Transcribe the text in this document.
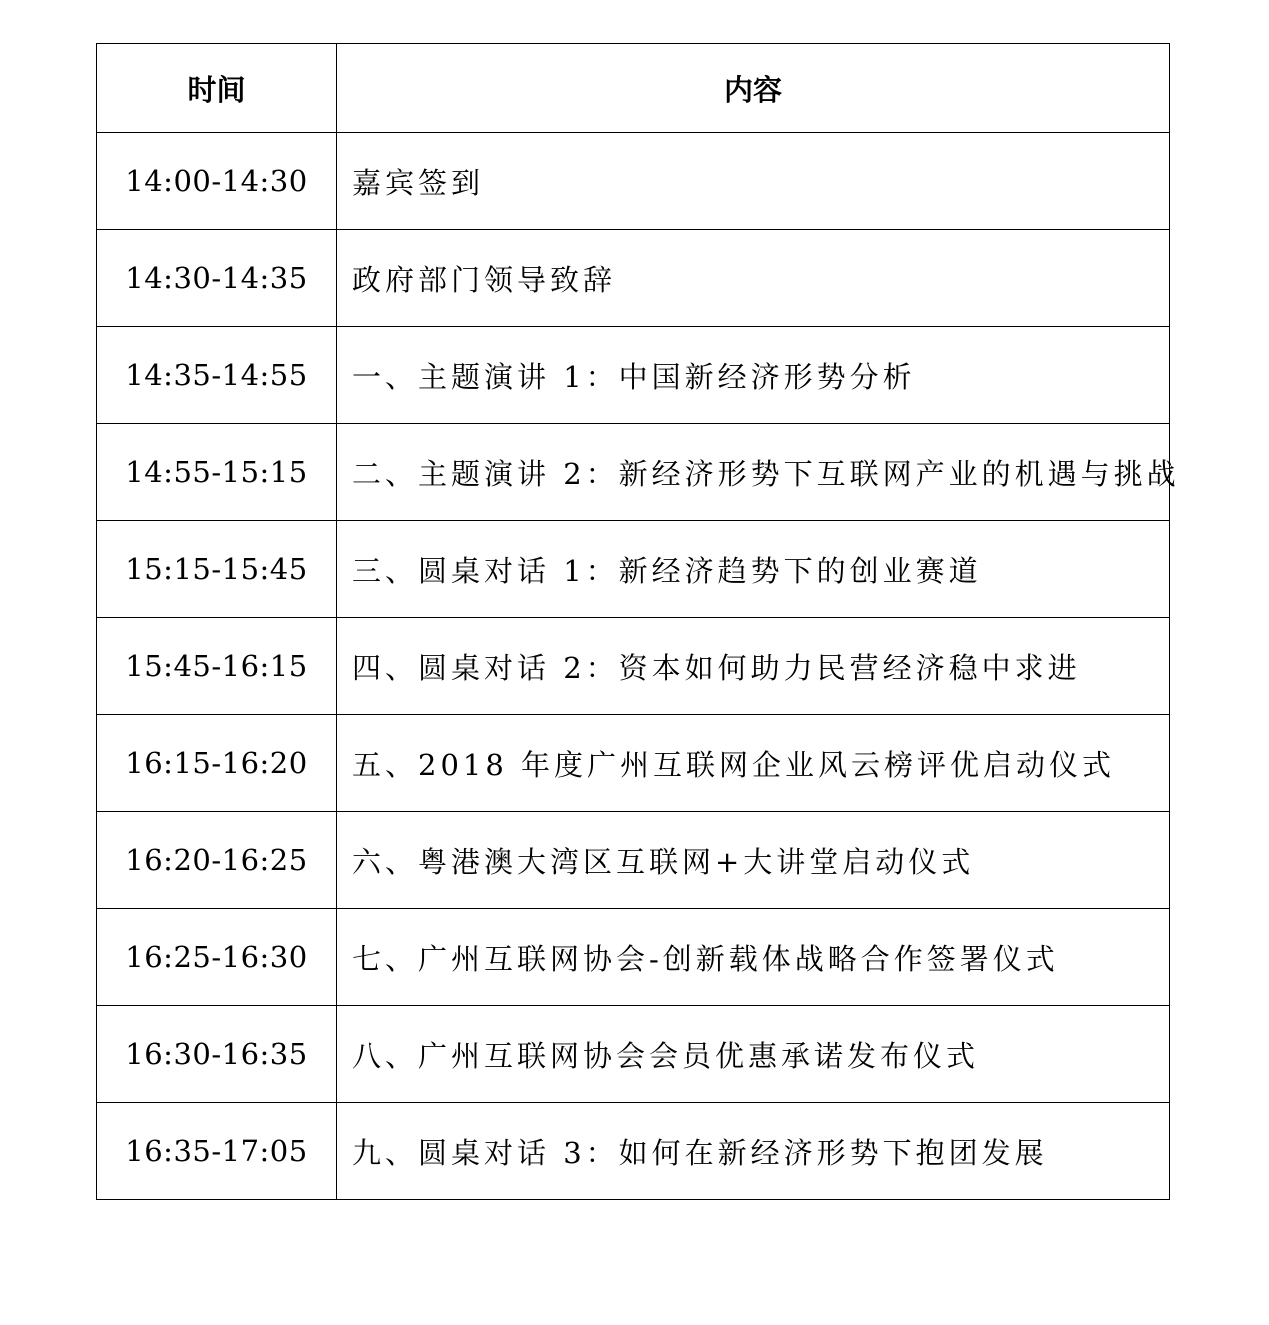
时间	内容
14:00-14:30	嘉宾签到
14:30-14:35	政府部门领导致辞
14:35-14:55	一、主题演讲 1：中国新经济形势分析
14:55-15:15	二、主题演讲 2：新经济形势下互联网产业的机遇与挑战
15:15-15:45	三、圆桌对话 1：新经济趋势下的创业赛道
15:45-16:15	四、圆桌对话 2：资本如何助力民营经济稳中求进
16:15-16:20	五、2018 年度广州互联网企业风云榜评优启动仪式
16:20-16:25	六、粤港澳大湾区互联网+大讲堂启动仪式
16:25-16:30	七、广州互联网协会-创新载体战略合作签署仪式
16:30-16:35	八、广州互联网协会会员优惠承诺发布仪式
16:35-17:05	九、圆桌对话 3：如何在新经济形势下抱团发展
